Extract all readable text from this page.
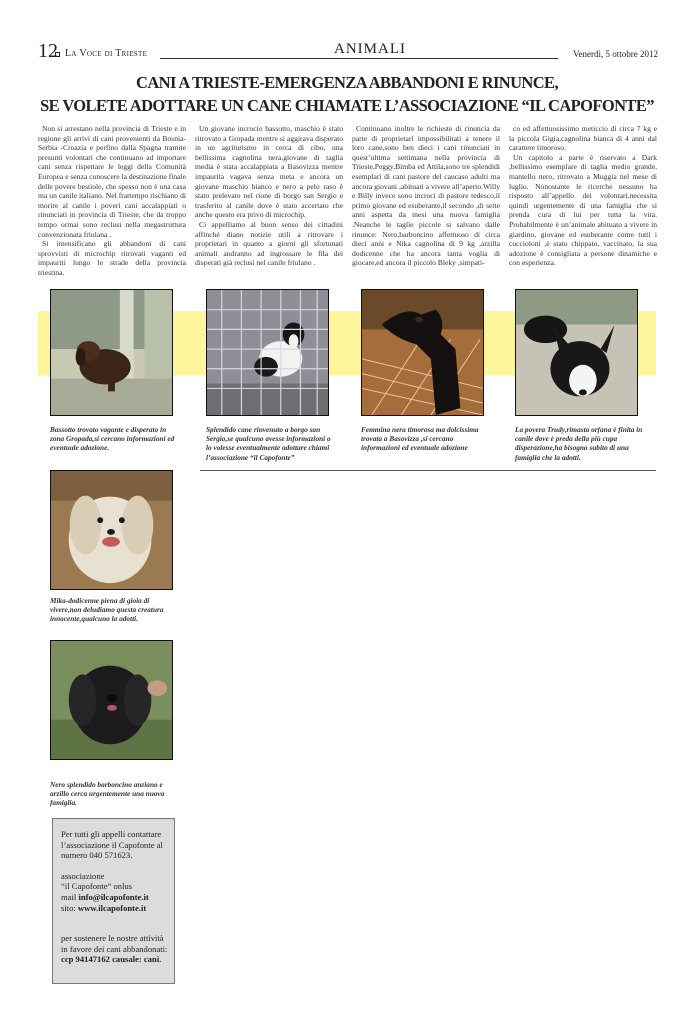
12 La Voce di Trieste	ANIMALI	Venerdì, 5 ottobre 2012
CANI A TRIESTE-EMERGENZA ABBANDONI E RINUNCE,
SE VOLETE ADOTTARE UN CANE CHIAMATE L’ASSOCIAZIONE “IL CAPOFONTE”

Non si arrestano nella provincia di Trieste e in regione gli arrivi di cani provenienti da Bosnia-Serbia -Croazia e perfino dalla Spagna tramite presunti volontari che continuano ad importare cani senza rispettare le leggi della Comunità Europea e senza conoscere la destinazione finale delle povere bestiole, che spesso non è una casa ma un canile italiano. Nel frattempo rischiano di morire al canile i poveri cani accalappiati o rinunciati in provincia di Trieste, che da troppo tempo ormai sono reclusi nella megastruttura convenzionata friulana .

Si intensificano gli abbandoni di cani sprovvisti di microchip ritrovati vaganti ed impauriti lungo le strade della provincia triestina.

Un giovane incrocio bassotto, maschio è stato ritrovato a Gropada mentre si aggirava disperato in un agriturismo in cerca di cibo, una bellissima cagnolina nera,giovane di taglia media è stata accalappiata a Basovizza mentre impaurita vagava senza meta e ancora un giovane maschio bianco e nero a pelo raso è stato prelevato nel rione di borgo san Sergio e trasferito al canile dove è stato accertato che anche questo era privo di microchip.

Ci appelliamo al buon senso dei cittadini affinché diano notizie utili a ritrovare i proprietari in quanto a giorni gli sfortunati animali andranno ad ingrossare le fila dei disperati già reclusi nel canile friulano .

Continuano inoltre le richieste di rinuncia da parte di proprietari impossibilitati a tenere il loro cane,sono ben dieci i cani rinunciati in quest’ultima settimana nella provincia di Trieste,Peggy,Bimba ed Attila,sono tre splendidi esemplari di cani pastore del caucaso adulti ma ancora giovani ,abituati a vivere all’aperto.Willy e Billy invece sono incroci di pastore tedesco,il primo giovane ed esuberante,il secondo ,di sette anni aspetta da mesi una nuova famiglia .Neanche le taglie piccole si salvano dalle rinunce: Nero,barboncino affettuoso di circa dieci anni e Nika cagnolina di 9 kg ,arzilla dodicenne che ha ancora tanta voglia di giocare,ed ancora il piccolo Bleky ,simpati-

co ed affettuosissimo meticcio di circa 7 kg e la piccola Gigia,cagnolina bianca di 4 anni dal carattere timoroso.

Un capitolo a parte è riservato a Dark ,bellissimo esemplare di taglia medio grande, mantello nero, ritrovato a Muggia nel mese di luglio. Nonostante le ricerche nessuno ha risposto all’appello dei volontari,necessita quindi urgentemente di una famiglia che si prenda cura di lui per tutta la vita. Probabilmente è un’animale abituato a vivere in giardino, giovane ed esuberante come tutti i cuccioloni ,è stato chippato, vaccinato, la sua adozione è consigliata a persone dinamiche e con esperienza.

Bassotto trovato vagante e disperato in zona Gropada,si cercano informazioni ed eventuale adozione.
Splendido cane rinvenuto a borgo san Sergio,se qualcuno avesse informazioni o lo volesse eventualmente adottare chiami l’associazione “il Capofonte”
Femmina nera timorosa ma dolcissima trovata a Basovizza ,si cercano informazioni ed eventuale adozione
La povera Trudy,rimasta orfana è finita in canile dove è preda della più cupa disperazione,ha bisogno subito di una famiglia che la adotti.
Mika-dodicenne piena di gioia di vivere,non deludiamo questa creatura innocente,qualcuno la adotti.
Nero splendido barboncino anziano e arzillo cerca urgentemente una nuova famiglia.
Per tutti gli appelli contattare l’associazione il Capofonte al numero 040 571623.
associazione
“il Capofonte“ onlus
mail info@ilcapofonte.it
sito: www.ilcapofonte.it
per sostenere le nostre attività in favore dei cani abbandonati:
ccp 94147162 causale: cani.
